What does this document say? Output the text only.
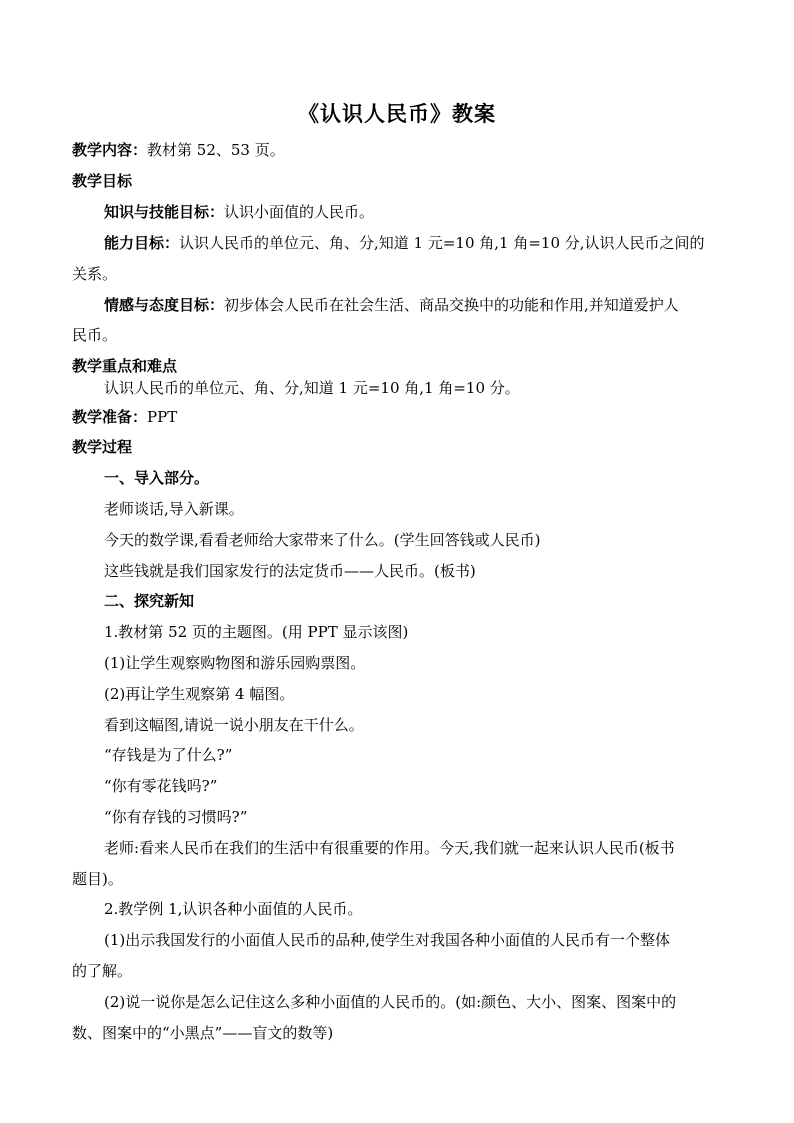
《认识人民币》教案
教学内容：教材第 52、53 页。
教学目标
知识与技能目标：认识小面值的人民币。
能力目标：认识人民币的单位元、角、分,知道 1 元=10 角,1 角=10 分,认识人民币之间的
关系。
情感与态度目标：初步体会人民币在社会生活、商品交换中的功能和作用,并知道爱护人
民币。
教学重点和难点
认识人民币的单位元、角、分,知道 1 元=10 角,1 角=10 分。
教学准备：PPT
教学过程
一、导入部分。
老师谈话,导入新课。
今天的数学课,看看老师给大家带来了什么。(学生回答钱或人民币)
这些钱就是我们国家发行的法定货币——人民币。(板书)
二、探究新知
1.教材第 52 页的主题图。(用 PPT 显示该图)
(1)让学生观察购物图和游乐园购票图。
(2)再让学生观察第 4 幅图。
看到这幅图,请说一说小朋友在干什么。
“存钱是为了什么?”
“你有零花钱吗?”
“你有存钱的习惯吗?”
老师:看来人民币在我们的生活中有很重要的作用。今天,我们就一起来认识人民币(板书
题目)。
2.教学例 1,认识各种小面值的人民币。
(1)出示我国发行的小面值人民币的品种,使学生对我国各种小面值的人民币有一个整体
的了解。
(2)说一说你是怎么记住这么多种小面值的人民币的。(如:颜色、大小、图案、图案中的
数、图案中的“小黑点”——盲文的数等)
